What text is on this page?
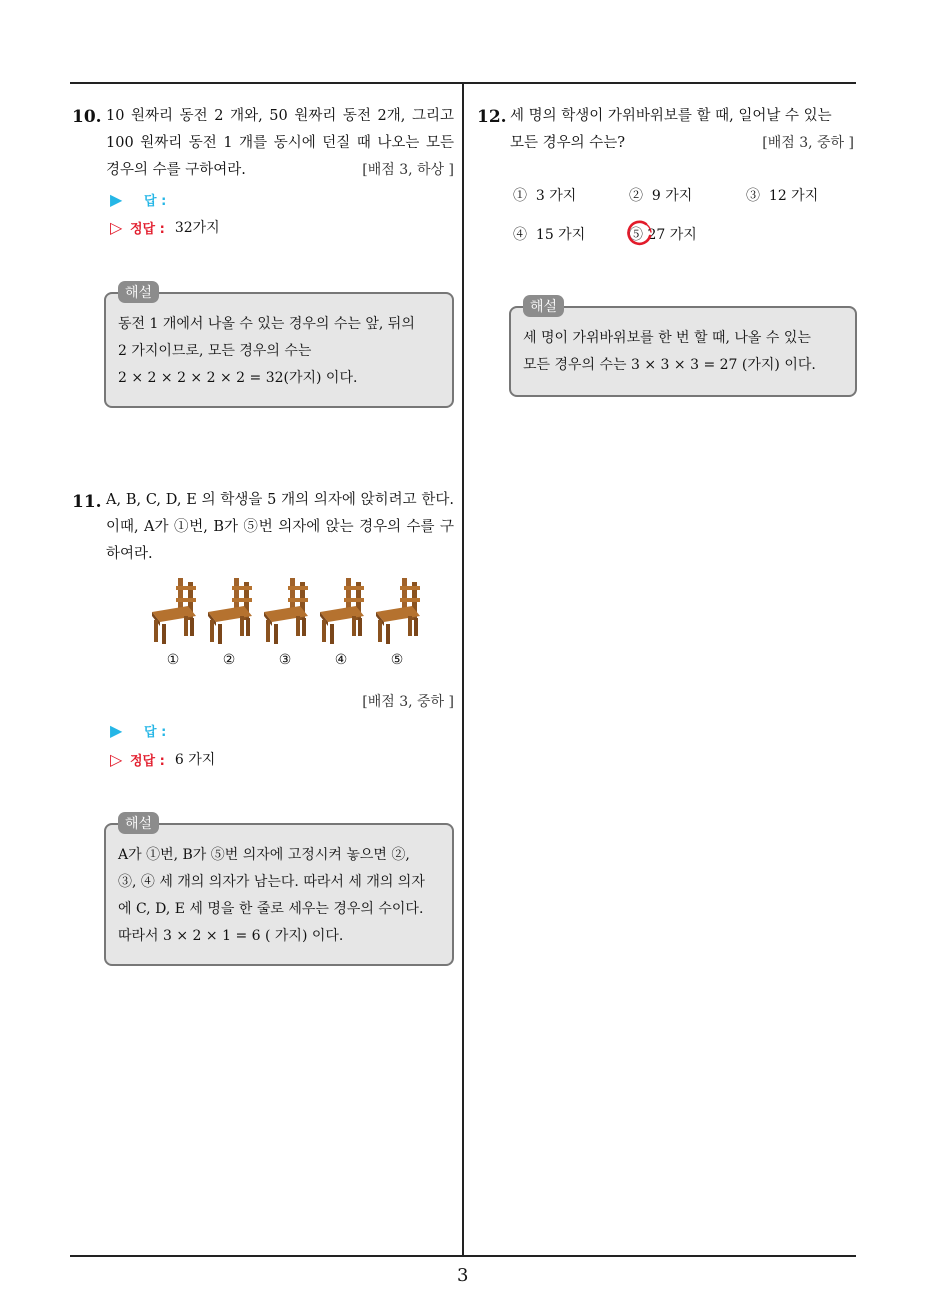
10. 10 원짜리 동전 2 개와, 50 원짜리 동전 2개, 그리고 100 원짜리 동전 1 개를 동시에 던질 때 나오는 모든 경우의 수를 구하여라.	[배점 3, 하상 ]
▶	답 :
▷ 정답 : 32가지
동전 1 개에서 나올 수 있는 경우의 수는 앞, 뒤의
2 가지이므로, 모든 경우의 수는
2 × 2 × 2 × 2 × 2 = 32(가지) 이다.
해설
11. A, B, C, D, E 의 학생을 5 개의 의자에 앉히려고 한다. 이때, A가 ①번, B가 ⑤번 의자에 앉는 경우의 수를 구하여라.
①	②	③	④	⑤
[배점 3, 중하 ]
▶	답 :
▷ 정답 : 6 가지
A가 ①번, B가 ⑤번 의자에 고정시켜 놓으면 ②,
③, ④ 세 개의 의자가 남는다. 따라서 세 개의 의자
에 C, D, E 세 명을 한 줄로 세우는 경우의 수이다.
따라서 3 × 2 × 1 = 6 ( 가지) 이다.
해설
12. 세 명의 학생이 가위바위보를 할 때, 일어날 수 있는
모든 경우의 수는?	[배점 3, 중하 ]
① 3 가지	② 9 가지	③ 12 가지
④ 15 가지	⑤ 27 가지
세 명이 가위바위보를 한 번 할 때, 나올 수 있는
모든 경우의 수는 3 × 3 × 3 = 27 (가지) 이다.
해설
3
